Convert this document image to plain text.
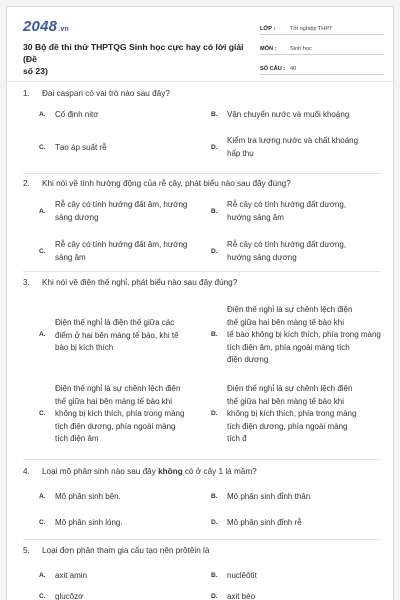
2048.vn
30 Bộ đề thi thử THPTQG Sinh học cực hay có lời giải (Đề
số 23)
LỚP :	Tốt nghiệp THPT
MÔN :	Sinh học
SỐ CÂU : 40
1. Đai caspari có vai trò nào sau đây?
A. Cố định nitơ	B. Vận chuyển nước và muối khoáng
C. Tạo áp suất rễ	D.
Kiểm tra lượng nước và chất khoáng
hấp thụ
2. Khi nói về tính hướng động của rễ cây, phát biểu nào sau đây đúng?
A.
Rễ cây có tính hướng đất âm, hướng
sáng dương
B.
Rễ cây có tính hướng đất dương,
hướng sáng âm
C.
Rễ cây có tính hướng đất âm, hướng
sáng âm
D.
Rễ cây có tính hướng đất dương,
hướng sáng dương
3. Khi nói về điện thế nghỉ, phát biểu nào sau đây đúng?
A.
Điện thế nghỉ là điện thế giữa các
điểm ở hai bên màng tế bào, khi tế
bào bị kích thích
B.
Điện thế nghỉ là sự chênh lệch điện
thế giữa hai bên màng tế bào khi
tế bào không bị kích thích, phía trong màng
tích điện âm, phía ngoài màng tích
điện dương
C.
Điện thế nghỉ là sự chênh lệch điện
thế giữa hai bên màng tế bào khi
không bị kích thích, phía trong màng
tích điện dương, phía ngoài màng
tích điện âm
D.
Điện thế nghỉ là sự chênh lệch điện
thế giữa hai bên màng tế bào khi
không bị kích thích, phía trong màng
tích điện dương, phía ngoài màng
tích đ
4. Loại mô phân sinh nào sau đây không có ở cây 1 lá mầm?
A. Mô phân sinh bên.	B. Mô phân sinh đỉnh thân
C. Mô phân sinh lóng.	D. Mô phân sinh đỉnh rễ
5. Loại đơn phân tham gia cấu tạo nên prôtêin là
A. axit amin	B. nuclêôtit
C. glucôzơ	D. axit béo
